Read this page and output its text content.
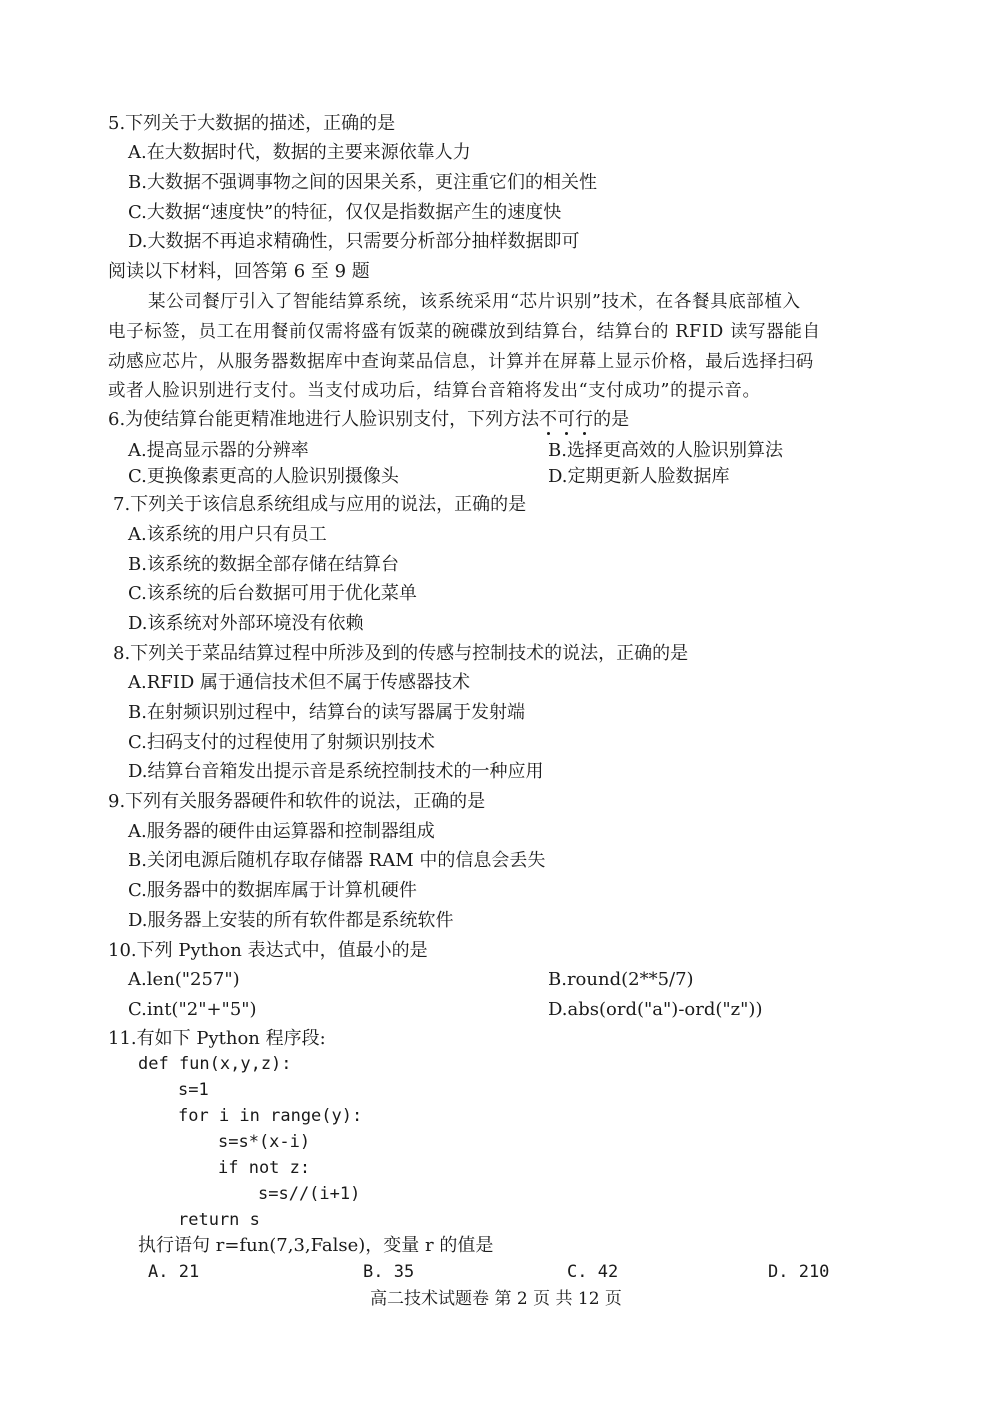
5.下列关于大数据的描述，正确的是
A.在大数据时代，数据的主要来源依靠人力
B.大数据不强调事物之间的因果关系，更注重它们的相关性
C.大数据“速度快”的特征，仅仅是指数据产生的速度快
D.大数据不再追求精确性，只需要分析部分抽样数据即可
阅读以下材料，回答第 6 至 9 题
某公司餐厅引入了智能结算系统，该系统采用“芯片识别”技术，在各餐具底部植入
电子标签，员工在用餐前仅需将盛有饭菜的碗碟放到结算台，结算台的 RFID 读写器能自
动感应芯片，从服务器数据库中查询菜品信息，计算并在屏幕上显示价格，最后选择扫码
或者人脸识别进行支付。当支付成功后，结算台音箱将发出“支付成功”的提示音。
6.为使结算台能更精准地进行人脸识别支付，下列方法不可行的是
A.提高显示器的分辨率	B.选择更高效的人脸识别算法
C.更换像素更高的人脸识别摄像头	D.定期更新人脸数据库
7.下列关于该信息系统组成与应用的说法，正确的是
A.该系统的用户只有员工
B.该系统的数据全部存储在结算台
C.该系统的后台数据可用于优化菜单
D.该系统对外部环境没有依赖
8.下列关于菜品结算过程中所涉及到的传感与控制技术的说法，正确的是
A.RFID 属于通信技术但不属于传感器技术
B.在射频识别过程中，结算台的读写器属于发射端
C.扫码支付的过程使用了射频识别技术
D.结算台音箱发出提示音是系统控制技术的一种应用
9.下列有关服务器硬件和软件的说法，正确的是
A.服务器的硬件由运算器和控制器组成
B.关闭电源后随机存取存储器 RAM 中的信息会丢失
C.服务器中的数据库属于计算机硬件
D.服务器上安装的所有软件都是系统软件
10.下列 Python 表达式中，值最小的是
A.len("257")	B.round(2**5/7)
C.int("2"+"5")	D.abs(ord("a")-ord("z"))
11.有如下 Python 程序段:
def fun(x,y,z):
s=1
for i in range(y):
s=s*(x-i)
if not z:
s=s//(i+1)
return s
执行语句 r=fun(7,3,False)，变量 r 的值是
A. 21	B. 35	C. 42	D. 210
高二技术试题卷 第 2 页 共 12 页
